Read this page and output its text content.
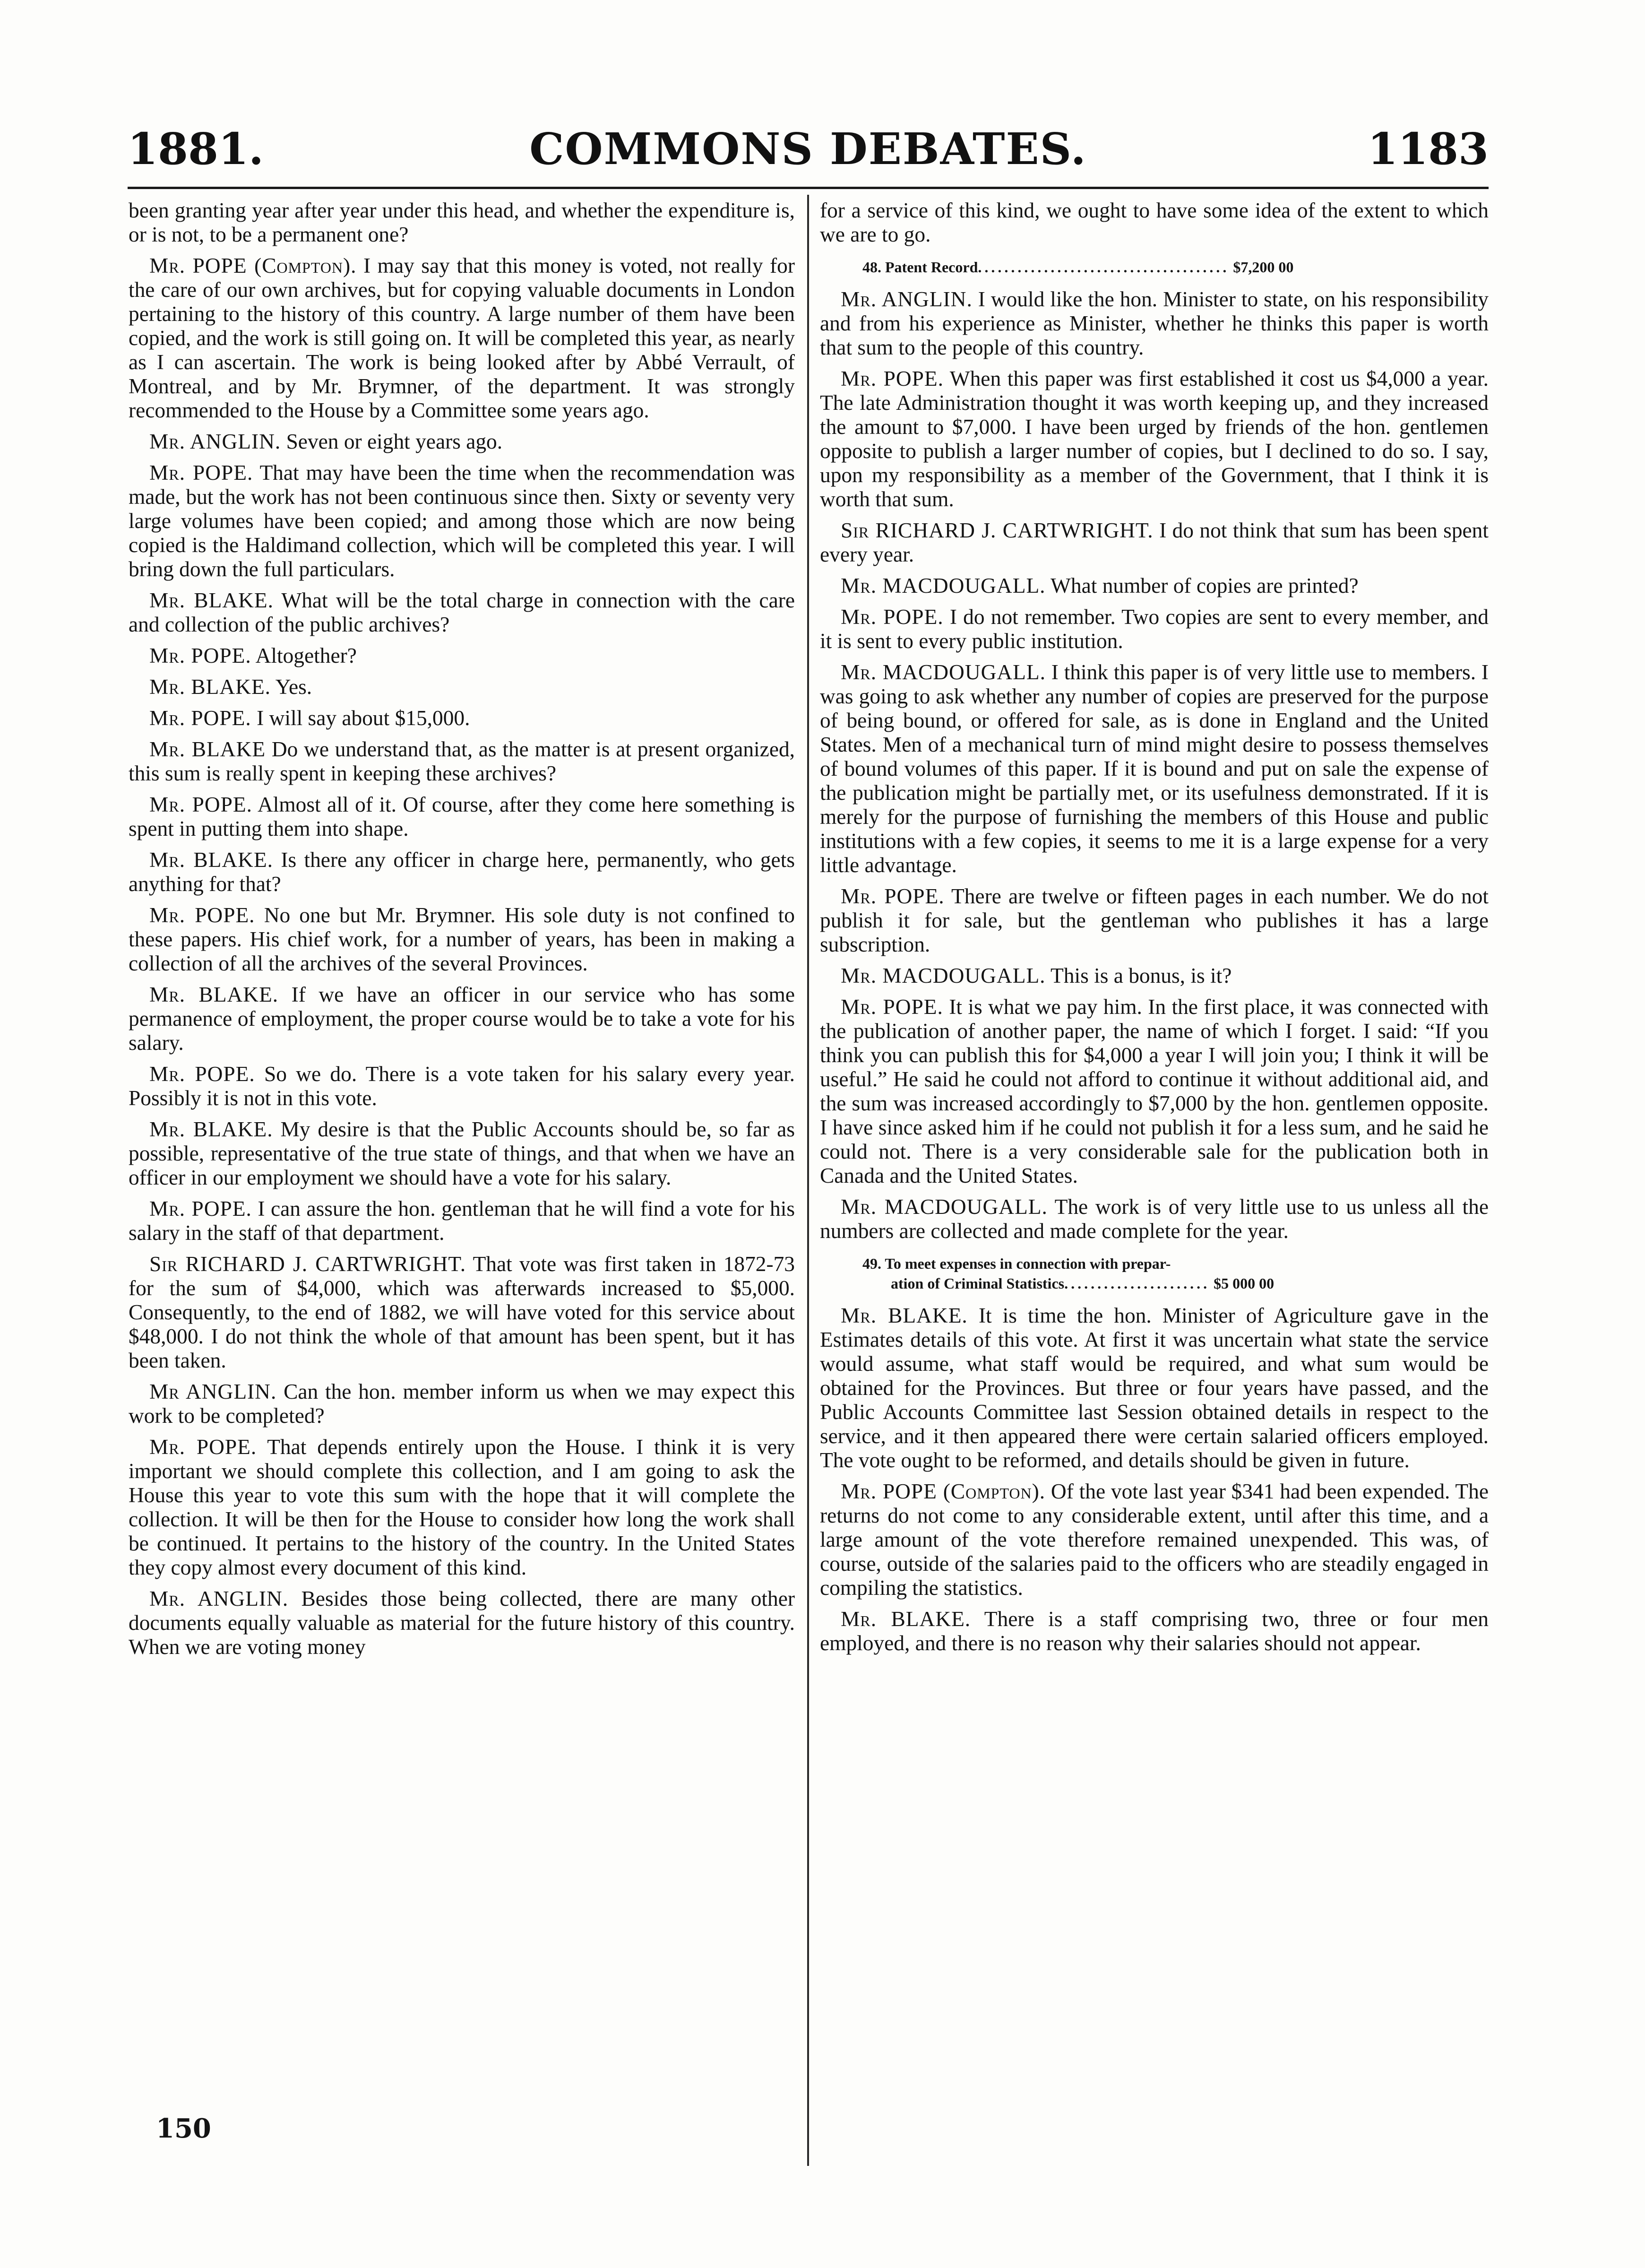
1881.	COMMONS DEBATES.	1183

been granting year after year under this head, and whether the expenditure is, or is not, to be a permanent one?

Mr. POPE (Compton). I may say that this money is voted, not really for the care of our own archives, but for copying valuable documents in London pertaining to the history of this country. A large number of them have been copied, and the work is still going on. It will be completed this year, as nearly as I can ascertain. The work is being looked after by Abbé Verrault, of Montreal, and by Mr. Brymner, of the department. It was strongly recommended to the House by a Committee some years ago.

Mr. ANGLIN. Seven or eight years ago.

Mr. POPE. That may have been the time when the recommendation was made, but the work has not been continuous since then. Sixty or seventy very large volumes have been copied; and among those which are now being copied is the Haldimand collection, which will be completed this year. I will bring down the full particulars.

Mr. BLAKE. What will be the total charge in connection with the care and collection of the public archives?

Mr. POPE. Altogether?

Mr. BLAKE. Yes.

Mr. POPE. I will say about $15,000.

Mr. BLAKE Do we understand that, as the matter is at present organized, this sum is really spent in keeping these archives?

Mr. POPE. Almost all of it. Of course, after they come here something is spent in putting them into shape.

Mr. BLAKE. Is there any officer in charge here, permanently, who gets anything for that?

Mr. POPE. No one but Mr. Brymner. His sole duty is not confined to these papers. His chief work, for a number of years, has been in making a collection of all the archives of the several Provinces.

Mr. BLAKE. If we have an officer in our service who has some permanence of employment, the proper course would be to take a vote for his salary.

Mr. POPE. So we do. There is a vote taken for his salary every year. Possibly it is not in this vote.

Mr. BLAKE. My desire is that the Public Accounts should be, so far as possible, representative of the true state of things, and that when we have an officer in our employment we should have a vote for his salary.

Mr. POPE. I can assure the hon. gentleman that he will find a vote for his salary in the staff of that department.

Sir RICHARD J. CARTWRIGHT. That vote was first taken in 1872-73 for the sum of $4,000, which was afterwards increased to $5,000. Consequently, to the end of 1882, we will have voted for this service about $48,000. I do not think the whole of that amount has been spent, but it has been taken.

Mr ANGLIN. Can the hon. member inform us when we may expect this work to be completed?

Mr. POPE. That depends entirely upon the House. I think it is very important we should complete this collection, and I am going to ask the House this year to vote this sum with the hope that it will complete the collection. It will be then for the House to consider how long the work shall be continued. It pertains to the history of the country. In the United States they copy almost every document of this kind.

Mr. ANGLIN. Besides those being collected, there are many other documents equally valuable as material for the future history of this country. When we are voting money

for a service of this kind, we ought to have some idea of the extent to which we are to go.

48. Patent Record...................................... $7,200 00

Mr. ANGLIN. I would like the hon. Minister to state, on his responsibility and from his experience as Minister, whether he thinks this paper is worth that sum to the people of this country.

Mr. POPE. When this paper was first established it cost us $4,000 a year. The late Administration thought it was worth keeping up, and they increased the amount to $7,000. I have been urged by friends of the hon. gentlemen opposite to publish a larger number of copies, but I declined to do so. I say, upon my responsibility as a member of the Government, that I think it is worth that sum.

Sir RICHARD J. CARTWRIGHT. I do not think that sum has been spent every year.

Mr. MACDOUGALL. What number of copies are printed?

Mr. POPE. I do not remember. Two copies are sent to every member, and it is sent to every public institution.

Mr. MACDOUGALL. I think this paper is of very little use to members. I was going to ask whether any number of copies are preserved for the purpose of being bound, or offered for sale, as is done in England and the United States. Men of a mechanical turn of mind might desire to possess themselves of bound volumes of this paper. If it is bound and put on sale the expense of the publication might be partially met, or its usefulness demonstrated. If it is merely for the purpose of furnishing the members of this House and public institutions with a few copies, it seems to me it is a large expense for a very little advantage.

Mr. POPE. There are twelve or fifteen pages in each number. We do not publish it for sale, but the gentleman who publishes it has a large subscription.

Mr. MACDOUGALL. This is a bonus, is it?

Mr. POPE. It is what we pay him. In the first place, it was connected with the publication of another paper, the name of which I forget. I said: “If you think you can publish this for $4,000 a year I will join you; I think it will be useful.” He said he could not afford to continue it without additional aid, and the sum was increased accordingly to $7,000 by the hon. gentlemen opposite. I have since asked him if he could not publish it for a less sum, and he said he could not. There is a very considerable sale for the publication both in Canada and the United States.

Mr. MACDOUGALL. The work is of very little use to us unless all the numbers are collected and made complete for the year.

49. To meet expenses in connection with prepar-
ation of Criminal Statistics...................... $5 000 00

Mr. BLAKE. It is time the hon. Minister of Agriculture gave in the Estimates details of this vote. At first it was uncertain what state the service would assume, what staff would be required, and what sum would be obtained for the Provinces. But three or four years have passed, and the Public Accounts Committee last Session obtained details in respect to the service, and it then appeared there were certain salaried officers employed. The vote ought to be reformed, and details should be given in future.

Mr. POPE (Compton). Of the vote last year $341 had been expended. The returns do not come to any considerable extent, until after this time, and a large amount of the vote therefore remained unexpended. This was, of course, outside of the salaries paid to the officers who are steadily engaged in compiling the statistics.

Mr. BLAKE. There is a staff comprising two, three or four men employed, and there is no reason why their salaries should not appear.

150
